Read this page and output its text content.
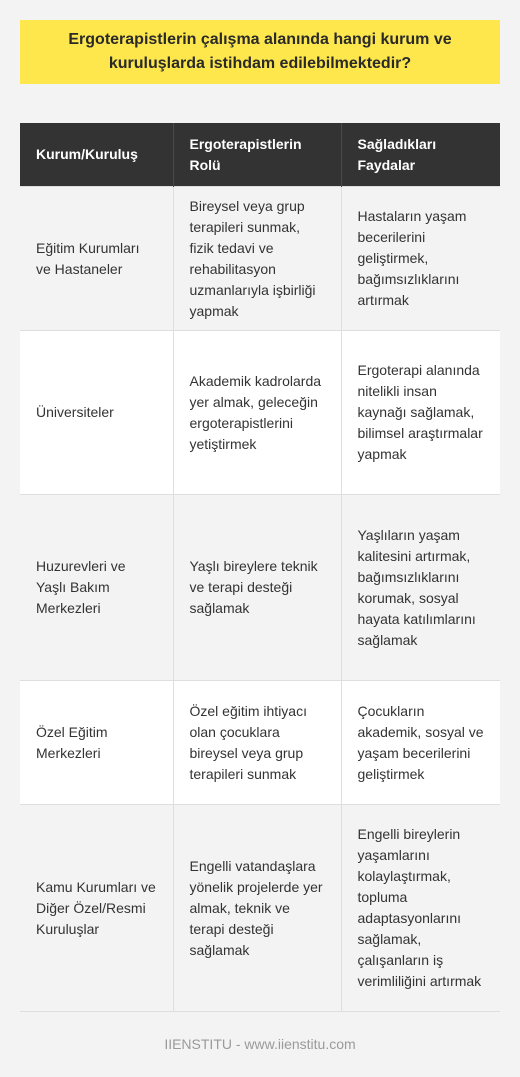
Ergoterapistlerin çalışma alanında hangi kurum ve kuruluşlarda istihdam edilebilmektedir?
Kurum/Kuruluş	Ergoterapistlerin Rolü	Sağladıkları Faydalar
Eğitim Kurumları ve Hastaneler	Bireysel veya grup terapileri sunmak, fizik tedavi ve rehabilitasyon uzmanlarıyla işbirliği yapmak	Hastaların yaşam becerilerini geliştirmek, bağımsızlıklarını artırmak
Üniversiteler	Akademik kadrolarda yer almak, geleceğin ergoterapistlerini yetiştirmek	Ergoterapi alanında nitelikli insan kaynağı sağlamak, bilimsel araştırmalar yapmak
Huzurevleri ve Yaşlı Bakım Merkezleri	Yaşlı bireylere teknik ve terapi desteği sağlamak	Yaşlıların yaşam kalitesini artırmak, bağımsızlıklarını korumak, sosyal hayata katılımlarını sağlamak
Özel Eğitim Merkezleri	Özel eğitim ihtiyacı olan çocuklara bireysel veya grup terapileri sunmak	Çocukların akademik, sosyal ve yaşam becerilerini geliştirmek
Kamu Kurumları ve Diğer Özel/Resmi Kuruluşlar	Engelli vatandaşlara yönelik projelerde yer almak, teknik ve terapi desteği sağlamak	Engelli bireylerin yaşamlarını kolaylaştırmak, topluma adaptasyonlarını sağlamak, çalışanların iş verimliliğini artırmak
IIENSTITU - www.iienstitu.com
